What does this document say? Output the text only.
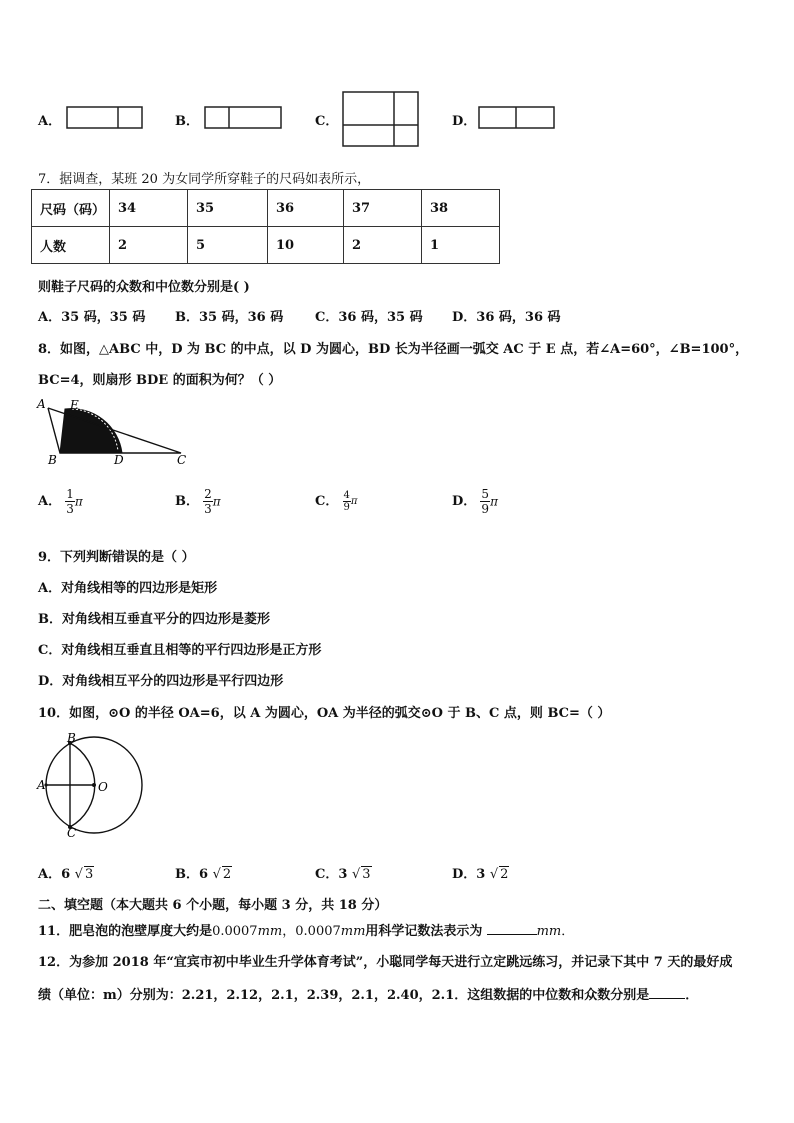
A．	B．	C．	D．
7．据调查，某班 20 为女同学所穿鞋子的尺码如表所示，
尺码（码）	34	35	36	37	38
人数	2	5	10	2	1
则鞋子尺码的众数和中位数分别是( )
A．35 码，35 码 B．35 码，36 码 C．36 码，35 码 D．36 码，36 码
8．如图，△ABC 中，D 为 BC 的中点，以 D 为圆心，BD 长为半径画一弧交 AC 于 E 点，若∠A=60°，∠B=100°，
BC=4，则扇形 BDE 的面积为何？（ ）
A E
B	D	C
A． $\frac{1}{3}$ π	B． $\frac{2}{3}$ π	C． $\frac{4}{9}$ π	D． $\frac{5}{9}$ π
9．下列判断错误的是（ ）
A．对角线相等的四边形是矩形
B．对角线相互垂直平分的四边形是菱形
C．对角线相互垂直且相等的平行四边形是正方形
D．对角线相互平分的四边形是平行四边形
10．如图，⊙O 的半径 OA=6，以 A 为圆心，OA 为半径的弧交⊙O 于 B、C 点，则 BC=（ ）
B
A	O
C
A．6 √ 3	B．6 √ 2	C．3 √ 3	D．3 √ 2
二、填空题（本大题共 6 个小题，每小题 3 分，共 18 分）
11．肥皂泡的泡壁厚度大约是0.0007mm，0.0007mm用科学记数法表示为	mm．
12．为参加 2018 年“宜宾市初中毕业生升学体育考试”，小聪同学每天进行立定跳远练习，并记录下其中 7 天的最好成
绩（单位：m）分别为：2.21，2.12，2.1，2.39，2.1，2.40，2.1．这组数据的中位数和众数分别是	．
